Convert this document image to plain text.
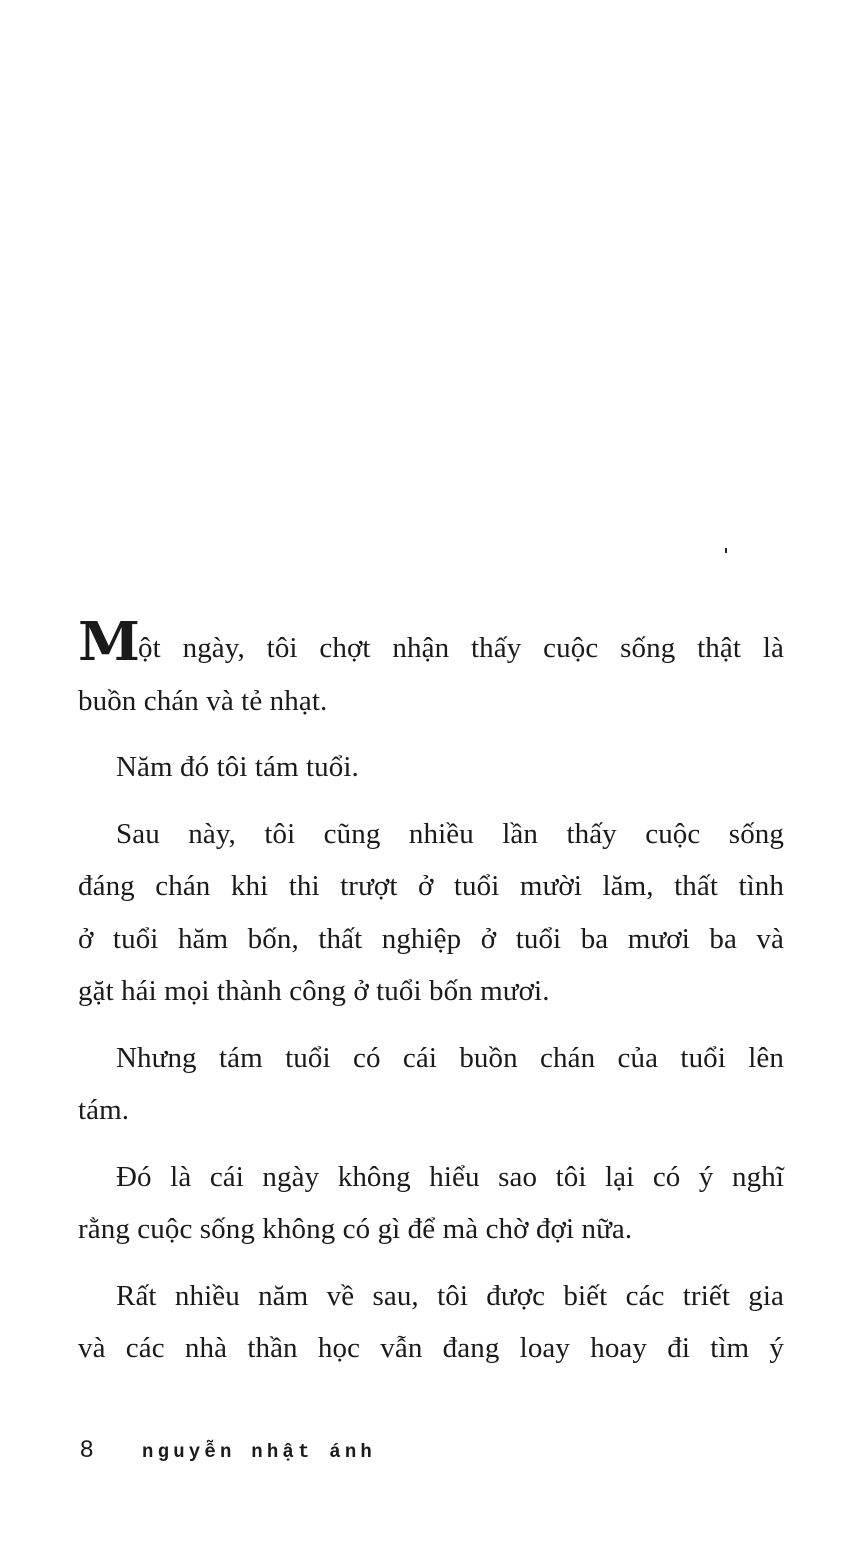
Một ngày, tôi chợt nhận thấy cuộc sống thật là
buồn chán và tẻ nhạt.
Năm đó tôi tám tuổi.
Sau này, tôi cũng nhiều lần thấy cuộc sống
đáng chán khi thi trượt ở tuổi mười lăm, thất tình
ở tuổi hăm bốn, thất nghiệp ở tuổi ba mươi ba và
gặt hái mọi thành công ở tuổi bốn mươi.
Nhưng tám tuổi có cái buồn chán của tuổi lên
tám.
Đó là cái ngày không hiểu sao tôi lại có ý nghĩ
rằng cuộc sống không có gì để mà chờ đợi nữa.
Rất nhiều năm về sau, tôi được biết các triết gia
và các nhà thần học vẫn đang loay hoay đi tìm ý
8	nguyễn nhật ánh
